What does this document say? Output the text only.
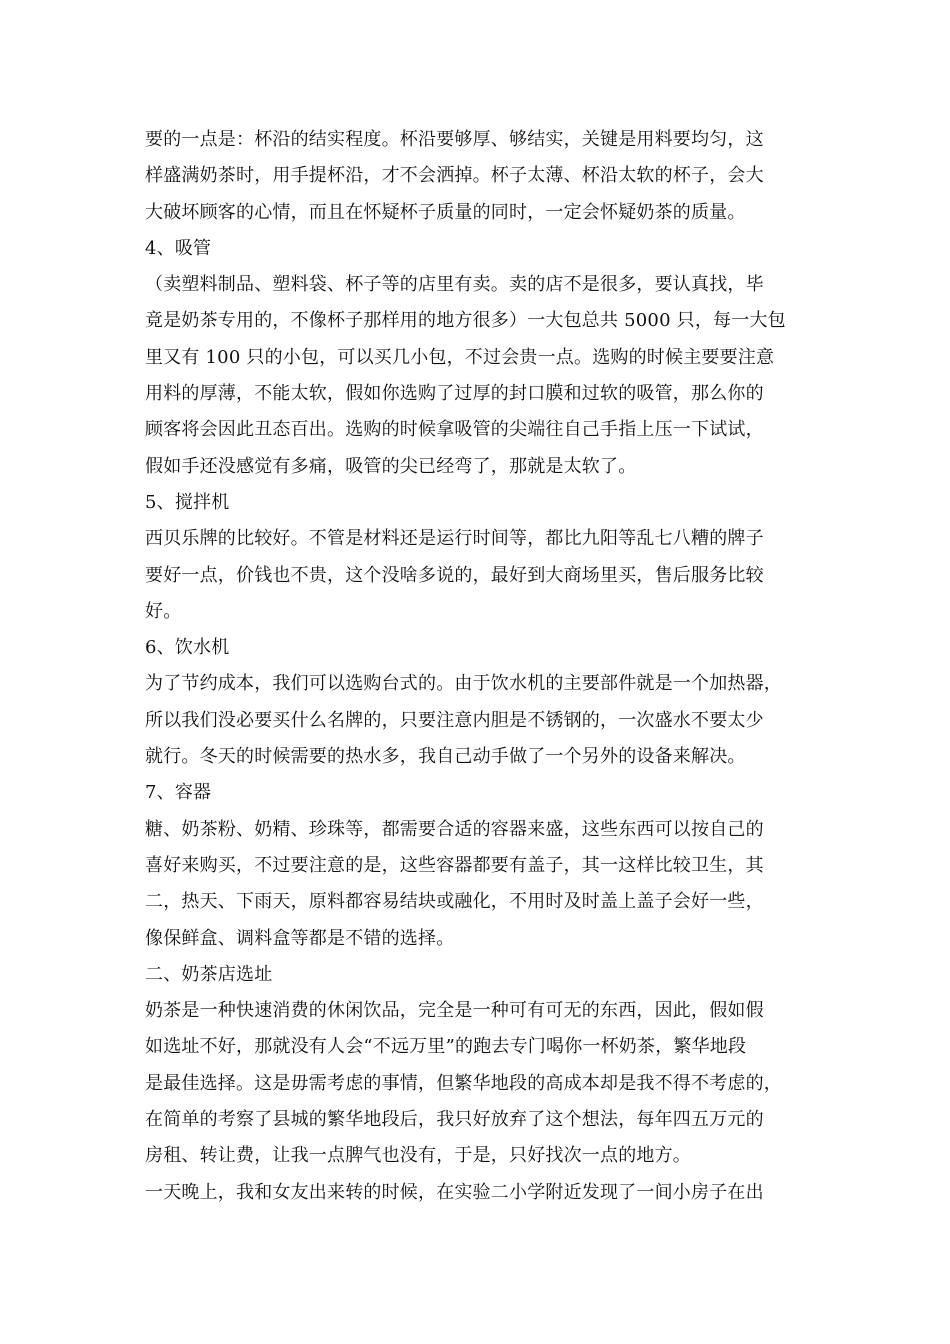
要的一点是：杯沿的结实程度。杯沿要够厚、够结实，关键是用料要均匀，这
样盛满奶茶时，用手提杯沿，才不会洒掉。杯子太薄、杯沿太软的杯子，会大
大破坏顾客的心情，而且在怀疑杯子质量的同时，一定会怀疑奶茶的质量。
4、吸管
（卖塑料制品、塑料袋、杯子等的店里有卖。卖的店不是很多，要认真找，毕
竟是奶茶专用的，不像杯子那样用的地方很多）一大包总共 5000 只，每一大包
里又有 100 只的小包，可以买几小包，不过会贵一点。选购的时候主要要注意
用料的厚薄，不能太软，假如你选购了过厚的封口膜和过软的吸管，那么你的
顾客将会因此丑态百出。选购的时候拿吸管的尖端往自己手指上压一下试试，
假如手还没感觉有多痛，吸管的尖已经弯了，那就是太软了。
5、搅拌机
西贝乐牌的比较好。不管是材料还是运行时间等，都比九阳等乱七八糟的牌子
要好一点，价钱也不贵，这个没啥多说的，最好到大商场里买，售后服务比较
好。
6、饮水机
为了节约成本，我们可以选购台式的。由于饮水机的主要部件就是一个加热器，
所以我们没必要买什么名牌的，只要注意内胆是不锈钢的，一次盛水不要太少
就行。冬天的时候需要的热水多，我自己动手做了一个另外的设备来解决。
7、容器
糖、奶茶粉、奶精、珍珠等，都需要合适的容器来盛，这些东西可以按自己的
喜好来购买，不过要注意的是，这些容器都要有盖子，其一这样比较卫生，其
二，热天、下雨天，原料都容易结块或融化，不用时及时盖上盖子会好一些，
像保鲜盒、调料盒等都是不错的选择。
二、奶茶店选址
奶茶是一种快速消费的休闲饮品，完全是一种可有可无的东西，因此，假如假
如选址不好，那就没有人会“不远万里”的跑去专门喝你一杯奶茶，繁华地段
是最佳选择。这是毋需考虑的事情，但繁华地段的高成本却是我不得不考虑的，
在简单的考察了县城的繁华地段后，我只好放弃了这个想法，每年四五万元的
房租、转让费，让我一点脾气也没有，于是，只好找次一点的地方。
一天晚上，我和女友出来转的时候，在实验二小学附近发现了一间小房子在出
